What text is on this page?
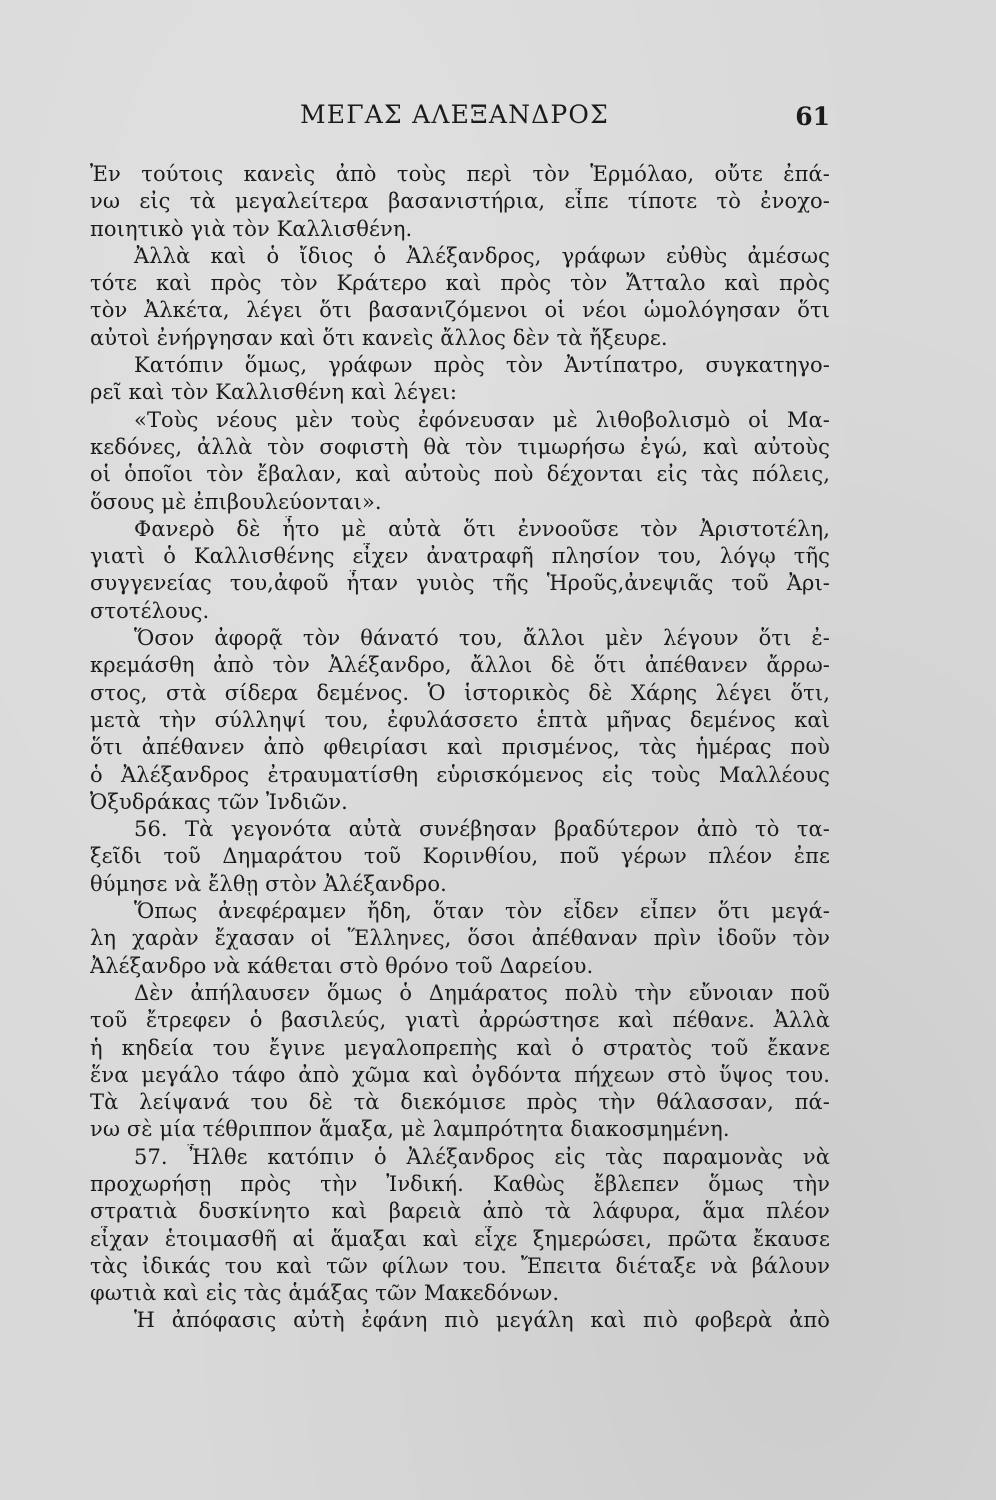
ΜΕΓΑΣ ΑΛΕΞΑΝΔΡΟΣ	61
Ἐν τούτοις κανεὶς ἀπὸ τοὺς περὶ τὸν Ἑρμόλαο, οὔτε ἐπά-
νω εἰς τὰ μεγαλείτερα βασανιστήρια, εἶπε τίποτε τὸ ἐνοχο-
ποιητικὸ γιὰ τὸν Καλλισθένη.
Ἀλλὰ καὶ ὁ ἴδιος ὁ Ἀλέξανδρος, γράφων εὐθὺς ἀμέσως
τότε καὶ πρὸς τὸν Κράτερο καὶ πρὸς τὸν Ἄτταλο καὶ πρὸς
τὸν Ἀλκέτα, λέγει ὅτι βασανιζόμενοι οἱ νέοι ὡμολόγησαν ὅτι
αὐτοὶ ἐνήργησαν καὶ ὅτι κανεὶς ἄλλος δὲν τὰ ἤξευρε.
Κατόπιν ὅμως, γράφων πρὸς τὸν Ἀντίπατρο, συγκατηγο-
ρεῖ καὶ τὸν Καλλισθένη καὶ λέγει:
«Τοὺς νέους μὲν τοὺς ἐφόνευσαν μὲ λιθοβολισμὸ οἱ Μα-
κεδόνες, ἀλλὰ τὸν σοφιστὴ θὰ τὸν τιμωρήσω ἐγώ, καὶ αὐτοὺς
οἱ ὁποῖοι τὸν ἔβαλαν, καὶ αὐτοὺς ποὺ δέχονται εἰς τὰς πόλεις,
ὅσους μὲ ἐπιβουλεύονται».
Φανερὸ δὲ ἦτο μὲ αὐτὰ ὅτι ἐννοοῦσε τὸν Ἀριστοτέλη,
γιατὶ ὁ Καλλισθένης εἶχεν ἀνατραφῆ πλησίον του, λόγῳ τῆς
συγγενείας του,ἀφοῦ ἦταν γυιὸς τῆς Ἡροῦς,ἀνεψιᾶς τοῦ Ἀρι-
στοτέλους.
Ὅσον ἀφορᾷ τὸν θάνατό του, ἄλλοι μὲν λέγουν ὅτι ἐ-
κρεμάσθη ἀπὸ τὸν Ἀλέξανδρο, ἄλλοι δὲ ὅτι ἀπέθανεν ἄρρω-
στος, στὰ σίδερα δεμένος. Ὁ ἱστορικὸς δὲ Χάρης λέγει ὅτι,
μετὰ τὴν σύλληψί του, ἐφυλάσσετο ἑπτὰ μῆνας δεμένος καὶ
ὅτι ἀπέθανεν ἀπὸ φθειρίασι καὶ πρισμένος, τὰς ἡμέρας ποὺ
ὁ Ἀλέξανδρος ἐτραυματίσθη εὑρισκόμενος εἰς τοὺς Μαλλέους
Ὀξυδράκας τῶν Ἰνδιῶν.
56. Τὰ γεγονότα αὐτὰ συνέβησαν βραδύτερον ἀπὸ τὸ τα-
ξεῖδι τοῦ Δημαράτου τοῦ Κορινθίου, ποῦ γέρων πλέον ἐπε
θύμησε νὰ ἔλθῃ στὸν Ἀλέξανδρο.
Ὅπως ἀνεφέραμεν ἤδη, ὅταν τὸν εἶδεν εἶπεν ὅτι μεγά-
λη χαρὰν ἔχασαν οἱ Ἕλληνες, ὅσοι ἀπέθαναν πρὶν ἰδοῦν τὸν
Ἀλέξανδρο νὰ κάθεται στὸ θρόνο τοῦ Δαρείου.
Δὲν ἀπήλαυσεν ὅμως ὁ Δημάρατος πολὺ τὴν εὔνοιαν ποῦ
τοῦ ἔτρεφεν ὁ βασιλεύς, γιατὶ ἀρρώστησε καὶ πέθανε. Ἀλλὰ
ἡ κηδεία του ἔγινε μεγαλοπρεπὴς καὶ ὁ στρατὸς τοῦ ἔκανε
ἕνα μεγάλο τάφο ἀπὸ χῶμα καὶ ὀγδόντα πήχεων στὸ ὕψος του.
Τὰ λείψανά του δὲ τὰ διεκόμισε πρὸς τὴν θάλασσαν, πά-
νω σὲ μία τέθριππον ἅμαξα, μὲ λαμπρότητα διακοσμημένη.
57. Ἦλθε κατόπιν ὁ Ἀλέξανδρος εἰς τὰς παραμονὰς νὰ
προχωρήσῃ πρὸς τὴν Ἰνδική. Καθὼς ἔβλεπεν ὅμως τὴν
στρατιὰ δυσκίνητο καὶ βαρειὰ ἀπὸ τὰ λάφυρα, ἅμα πλέον
εἶχαν ἑτοιμασθῆ αἱ ἅμαξαι καὶ εἶχε ξημερώσει, πρῶτα ἔκαυσε
τὰς ἰδικάς του καὶ τῶν φίλων του. Ἔπειτα διέταξε νὰ βάλουν
φωτιὰ καὶ εἰς τὰς ἁμάξας τῶν Μακεδόνων.
Ἡ ἀπόφασις αὐτὴ ἐφάνη πιὸ μεγάλη καὶ πιὸ φοβερὰ ἀπὸ
